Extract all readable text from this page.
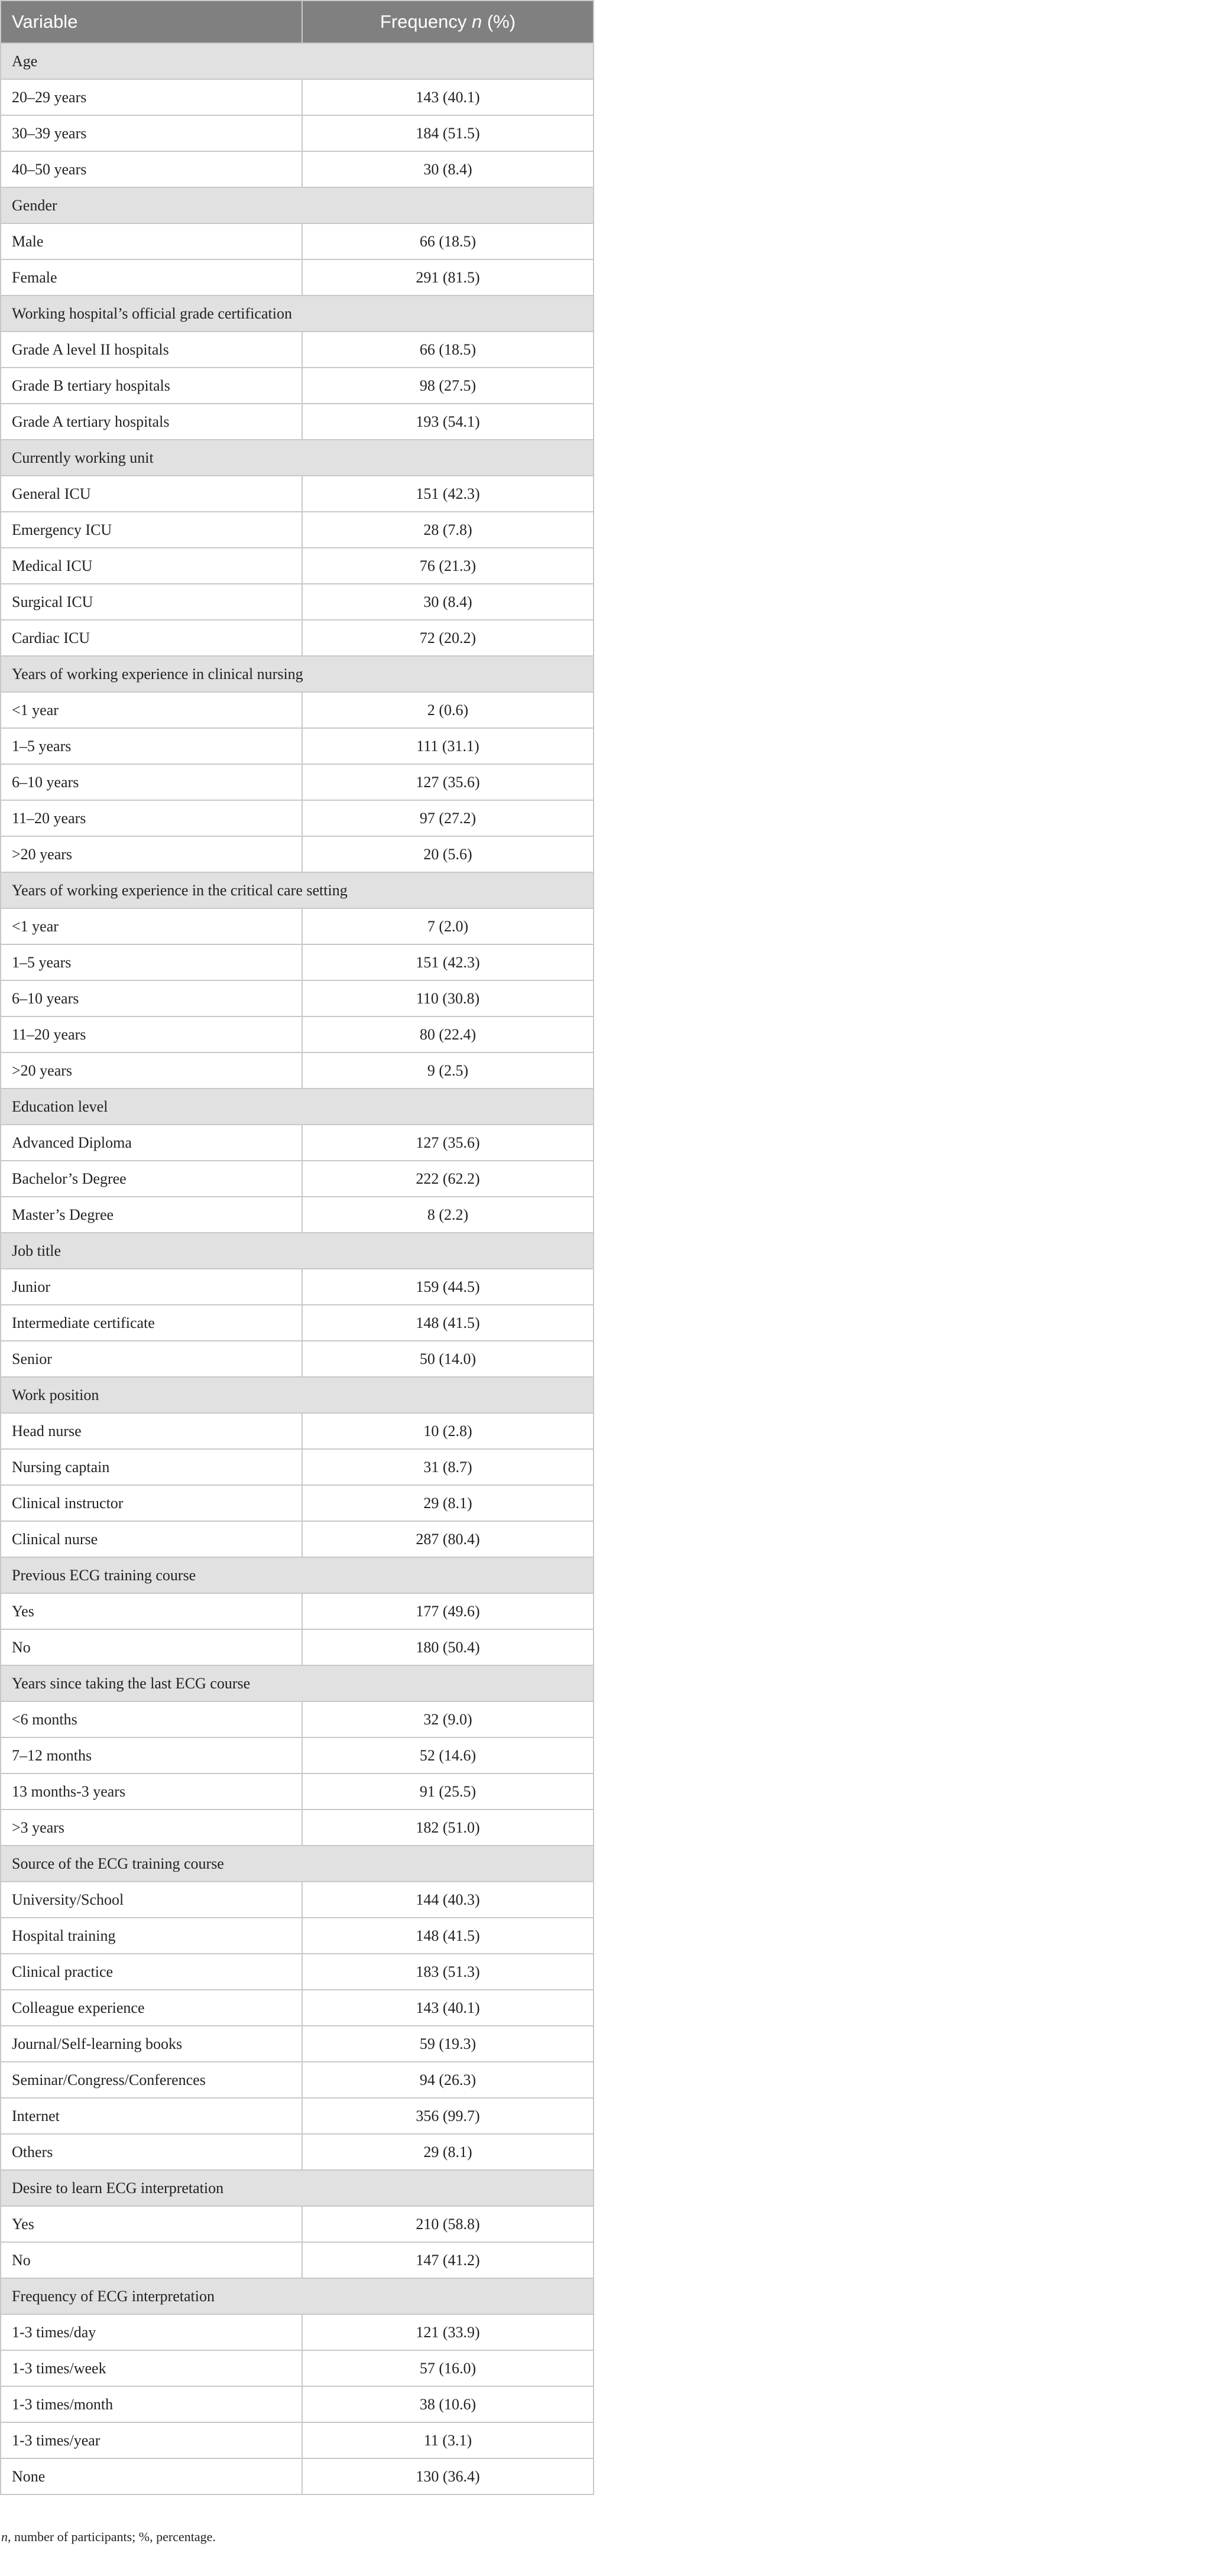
Variable	Frequency n (%)
Age	
20–29 years	143 (40.1)
30–39 years	184 (51.5)
40–50 years	30 (8.4)
Gender	
Male	66 (18.5)
Female	291 (81.5)
Working hospital’s official grade certification	
Grade A level II hospitals	66 (18.5)
Grade B tertiary hospitals	98 (27.5)
Grade A tertiary hospitals	193 (54.1)
Currently working unit	
General ICU	151 (42.3)
Emergency ICU	28 (7.8)
Medical ICU	76 (21.3)
Surgical ICU	30 (8.4)
Cardiac ICU	72 (20.2)
Years of working experience in clinical nursing	
<1 year	2 (0.6)
1–5 years	111 (31.1)
6–10 years	127 (35.6)
11–20 years	97 (27.2)
>20 years	20 (5.6)
Years of working experience in the critical care setting	
<1 year	7 (2.0)
1–5 years	151 (42.3)
6–10 years	110 (30.8)
11–20 years	80 (22.4)
>20 years	9 (2.5)
Education level	
Advanced Diploma	127 (35.6)
Bachelor’s Degree	222 (62.2)
Master’s Degree	8 (2.2)
Job title	
Junior	159 (44.5)
Intermediate certificate	148 (41.5)
Senior	50 (14.0)
Work position	
Head nurse	10 (2.8)
Nursing captain	31 (8.7)
Clinical instructor	29 (8.1)
Clinical nurse	287 (80.4)
Previous ECG training course	
Yes	177 (49.6)
No	180 (50.4)
Years since taking the last ECG course	
<6 months	32 (9.0)
7–12 months	52 (14.6)
13 months-3 years	91 (25.5)
>3 years	182 (51.0)
Source of the ECG training course	
University/School	144 (40.3)
Hospital training	148 (41.5)
Clinical practice	183 (51.3)
Colleague experience	143 (40.1)
Journal/Self-learning books	59 (19.3)
Seminar/Congress/Conferences	94 (26.3)
Internet	356 (99.7)
Others	29 (8.1)
Desire to learn ECG interpretation	
Yes	210 (58.8)
No	147 (41.2)
Frequency of ECG interpretation	
1-3 times/day	121 (33.9)
1-3 times/week	57 (16.0)
1-3 times/month	38 (10.6)
1-3 times/year	11 (3.1)
None	130 (36.4)
n, number of participants; %, percentage.
